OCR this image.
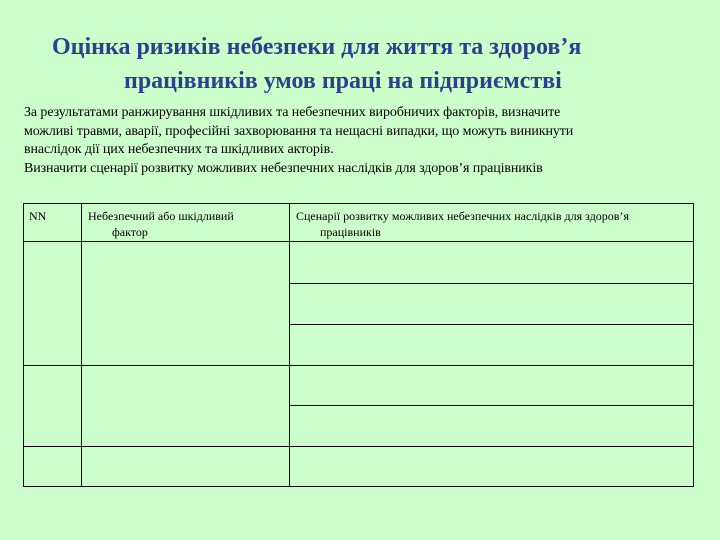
Оцінка ризиків небезпеки для життя та здоров’я
працівників умов праці на підприємстві
За результатами ранжирування шкідливих та небезпечних виробничих факторів, визначите
можливі травми, аварії, професійні захворювання та нещасні випадки, що можуть виникнути
внаслідок дії цих небезпечних та шкідливих акторів.
Визначити сценарії розвитку можливих небезпечних наслідків для здоров’я працівників
NN	Небезпечний або шкідливий
фактор
Сценарії розвитку можливих небезпечних наслідків для здоров’я
працівників
